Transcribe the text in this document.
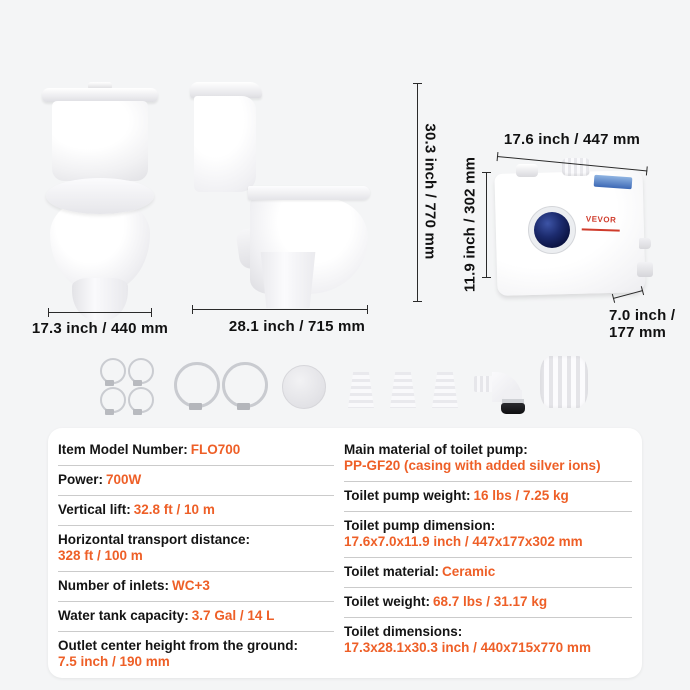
17.3 inch / 440 mm	28.1 inch / 715 mm
30.3 inch / 770 mm	VEVOR
17.6 inch / 447 mm
11.9 inch / 302 mm
7.0 inch / 177 mm
Item Model Number: FLO700
Power: 700W
Vertical lift: 32.8 ft / 10 m
Horizontal transport distance:
328 ft / 100 m
Number of inlets: WC+3
Water tank capacity: 3.7 Gal / 14 L
Outlet center height from the ground:
7.5 inch / 190 mm
Main material of toilet pump:
PP-GF20 (casing with added silver ions)
Toilet pump weight: 16 lbs / 7.25 kg
Toilet pump dimension:
17.6x7.0x11.9 inch / 447x177x302 mm
Toilet material: Ceramic
Toilet weight: 68.7 lbs / 31.17 kg
Toilet dimensions:
17.3x28.1x30.3 inch / 440x715x770 mm
